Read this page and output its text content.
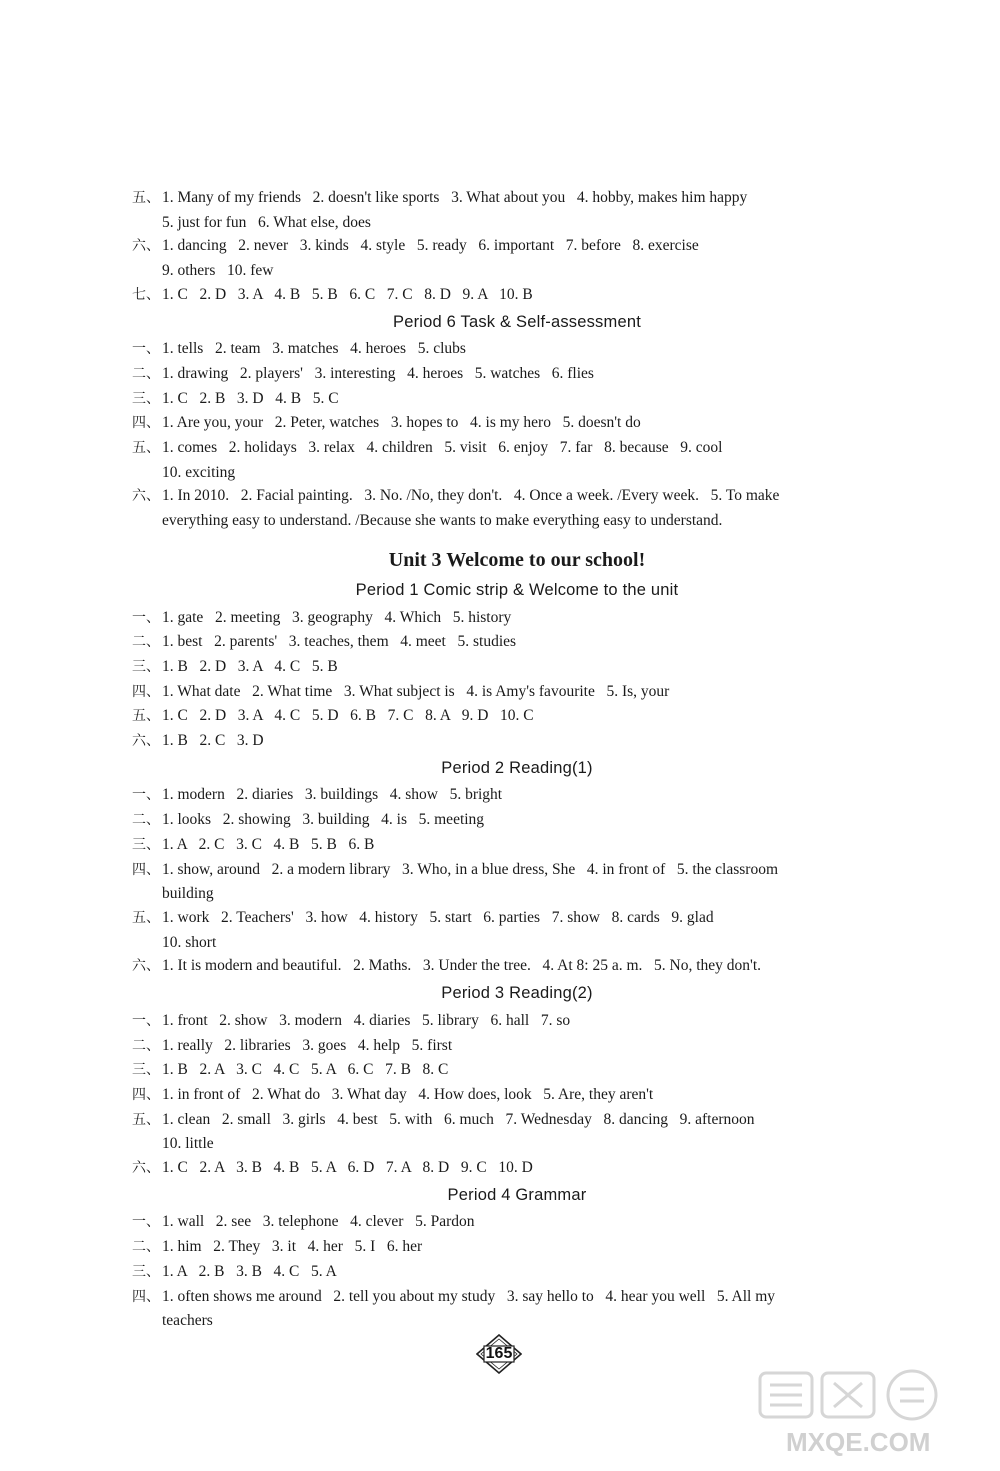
五、 1. Many of my friends   2. doesn't like sports   3. What about you   4. hobby, makes him happy
5. just for fun   6. What else, does
六、 1. dancing   2. never   3. kinds   4. style   5. ready   6. important   7. before   8. exercise
9. others   10. few
七、 1. C   2. D   3. A   4. B   5. B   6. C   7. C   8. D   9. A   10. B
Period 6 Task & Self-assessment
一、 1. tells   2. team   3. matches   4. heroes   5. clubs
二、 1. drawing   2. players'   3. interesting   4. heroes   5. watches   6. flies
三、 1. C   2. B   3. D   4. B   5. C
四、 1. Are you, your   2. Peter, watches   3. hopes to   4. is my hero   5. doesn't do
五、 1. comes   2. holidays   3. relax   4. children   5. visit   6. enjoy   7. far   8. because   9. cool
10. exciting
六、 1. In 2010.   2. Facial painting.   3. No. /No, they don't.   4. Once a week. /Every week.   5. To make
everything easy to understand. /Because she wants to make everything easy to understand.
Unit 3 Welcome to our school!
Period 1 Comic strip & Welcome to the unit
一、 1. gate   2. meeting   3. geography   4. Which   5. history
二、 1. best   2. parents'   3. teaches, them   4. meet   5. studies
三、 1. B   2. D   3. A   4. C   5. B
四、 1. What date   2. What time   3. What subject is   4. is Amy's favourite   5. Is, your
五、 1. C   2. D   3. A   4. C   5. D   6. B   7. C   8. A   9. D   10. C
六、 1. B   2. C   3. D
Period 2 Reading(1)
一、 1. modern   2. diaries   3. buildings   4. show   5. bright
二、 1. looks   2. showing   3. building   4. is   5. meeting
三、 1. A   2. C   3. C   4. B   5. B   6. B
四、 1. show, around   2. a modern library   3. Who, in a blue dress, She   4. in front of   5. the classroom
building
五、 1. work   2. Teachers'   3. how   4. history   5. start   6. parties   7. show   8. cards   9. glad
10. short
六、 1. It is modern and beautiful.   2. Maths.   3. Under the tree.   4. At 8: 25 a. m.   5. No, they don't.
Period 3 Reading(2)
一、 1. front   2. show   3. modern   4. diaries   5. library   6. hall   7. so
二、 1. really   2. libraries   3. goes   4. help   5. first
三、 1. B   2. A   3. C   4. C   5. A   6. C   7. B   8. C
四、 1. in front of   2. What do   3. What day   4. How does, look   5. Are, they aren't
五、 1. clean   2. small   3. girls   4. best   5. with   6. much   7. Wednesday   8. dancing   9. afternoon
10. little
六、 1. C   2. A   3. B   4. B   5. A   6. D   7. A   8. D   9. C   10. D
Period 4 Grammar
一、 1. wall   2. see   3. telephone   4. clever   5. Pardon
二、 1. him   2. They   3. it   4. her   5. I   6. her
三、 1. A   2. B   3. B   4. C   5. A
四、 1. often shows me around   2. tell you about my study   3. say hello to   4. hear you well   5. All my
teachers
165
MXQE.COM
